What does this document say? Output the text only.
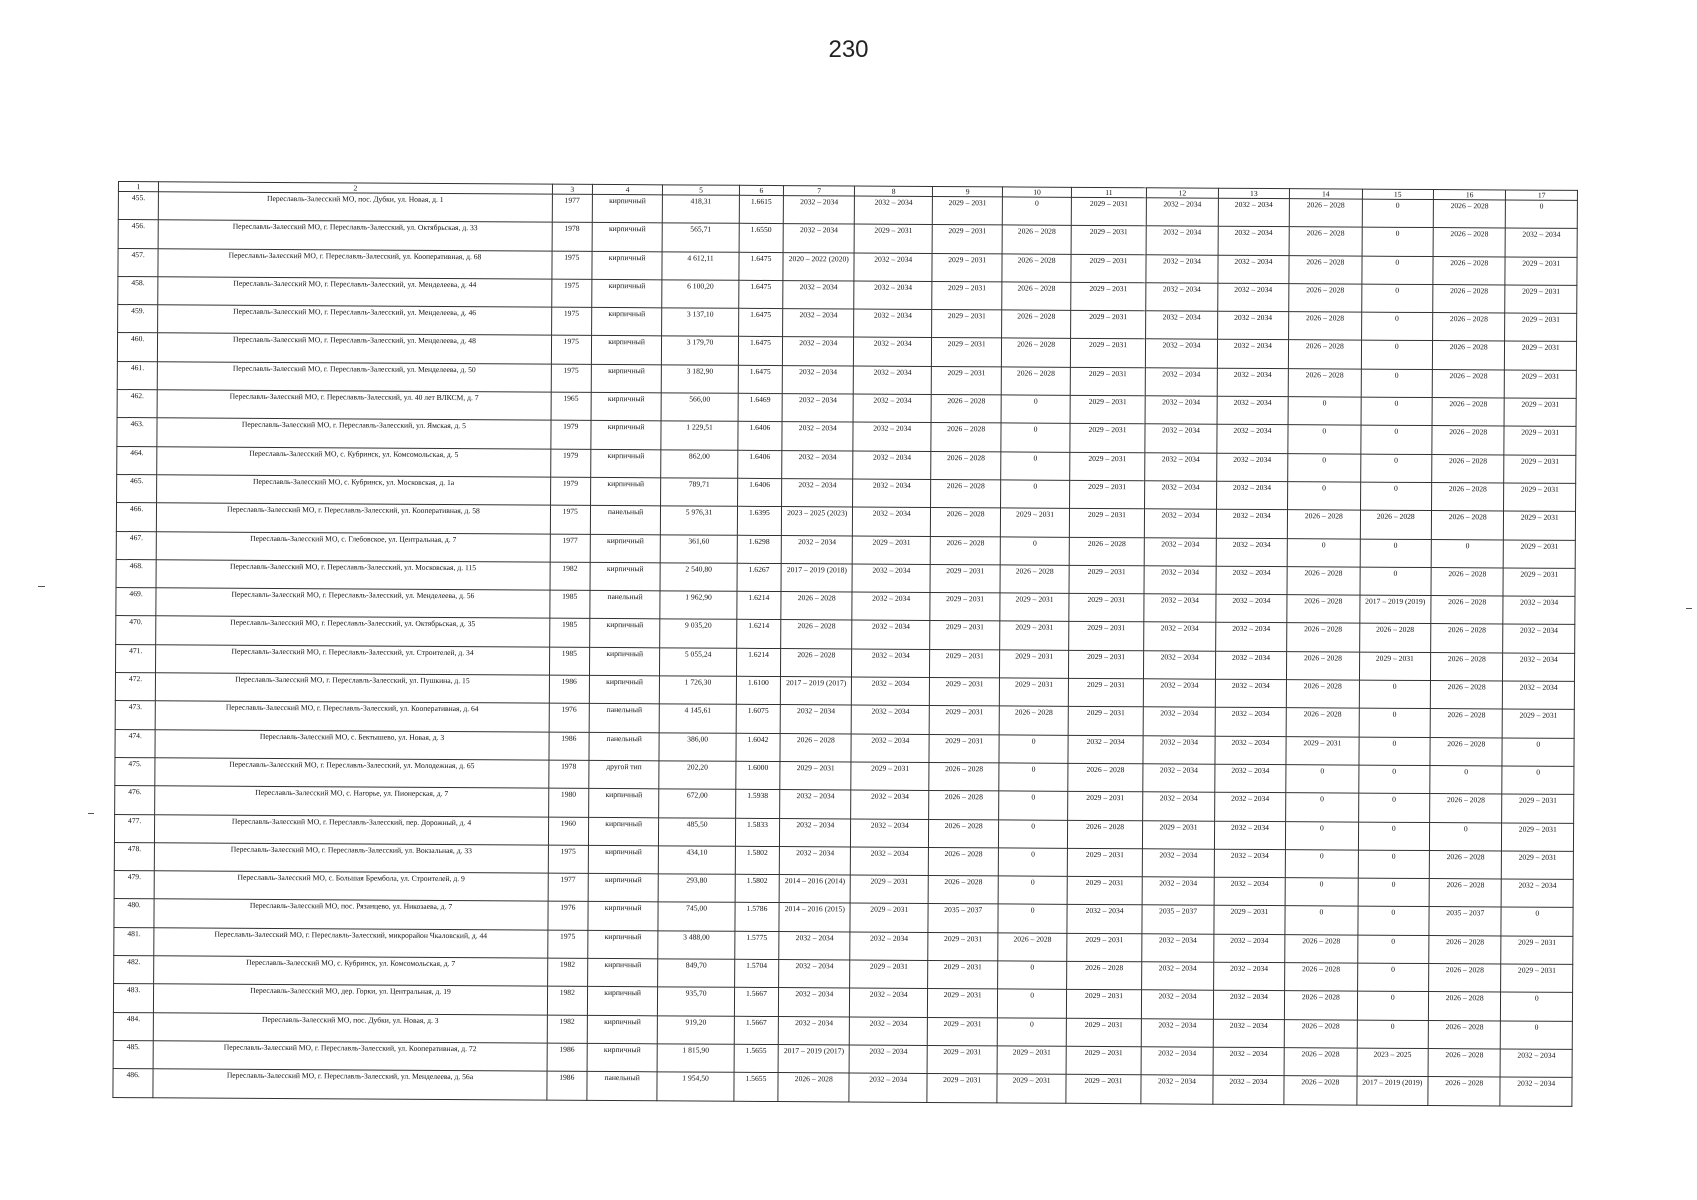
230
1	2	3	4	5	6	7	8	9	10	11	12	13	14	15	16	17
455.	Переславль-Залесский МО, пос. Дубки, ул. Новая, д. 1	1977	кирпичный	418,31	1.6615	2032 – 2034	2032 – 2034	2029 – 2031	0	2029 – 2031	2032 – 2034	2032 – 2034	2026 – 2028	0	2026 – 2028	0
456.	Переславль-Залесский МО, г. Переславль-Залесский, ул. Октябрьская, д. 33	1978	кирпичный	565,71	1.6550	2032 – 2034	2029 – 2031	2029 – 2031	2026 – 2028	2029 – 2031	2032 – 2034	2032 – 2034	2026 – 2028	0	2026 – 2028	2032 – 2034
457.	Переславль-Залесский МО, г. Переславль-Залесский, ул. Кооперативная, д. 68	1975	кирпичный	4 612,11	1.6475	2020 – 2022 (2020)	2032 – 2034	2029 – 2031	2026 – 2028	2029 – 2031	2032 – 2034	2032 – 2034	2026 – 2028	0	2026 – 2028	2029 – 2031
458.	Переславль-Залесский МО, г. Переславль-Залесский, ул. Менделеева, д. 44	1975	кирпичный	6 100,20	1.6475	2032 – 2034	2032 – 2034	2029 – 2031	2026 – 2028	2029 – 2031	2032 – 2034	2032 – 2034	2026 – 2028	0	2026 – 2028	2029 – 2031
459.	Переславль-Залесский МО, г. Переславль-Залесский, ул. Менделеева, д. 46	1975	кирпичный	3 137,10	1.6475	2032 – 2034	2032 – 2034	2029 – 2031	2026 – 2028	2029 – 2031	2032 – 2034	2032 – 2034	2026 – 2028	0	2026 – 2028	2029 – 2031
460.	Переславль-Залесский МО, г. Переславль-Залесский, ул. Менделеева, д. 48	1975	кирпичный	3 179,70	1.6475	2032 – 2034	2032 – 2034	2029 – 2031	2026 – 2028	2029 – 2031	2032 – 2034	2032 – 2034	2026 – 2028	0	2026 – 2028	2029 – 2031
461.	Переславль-Залесский МО, г. Переславль-Залесский, ул. Менделеева, д. 50	1975	кирпичный	3 182,90	1.6475	2032 – 2034	2032 – 2034	2029 – 2031	2026 – 2028	2029 – 2031	2032 – 2034	2032 – 2034	2026 – 2028	0	2026 – 2028	2029 – 2031
462.	Переславль-Залесский МО, г. Переславль-Залесский, ул. 40 лет ВЛКСМ, д. 7	1965	кирпичный	566,00	1.6469	2032 – 2034	2032 – 2034	2026 – 2028	0	2029 – 2031	2032 – 2034	2032 – 2034	0	0	2026 – 2028	2029 – 2031
463.	Переславль-Залесский МО, г. Переславль-Залесский, ул. Ямская, д. 5	1979	кирпичный	1 229,51	1.6406	2032 – 2034	2032 – 2034	2026 – 2028	0	2029 – 2031	2032 – 2034	2032 – 2034	0	0	2026 – 2028	2029 – 2031
464.	Переславль-Залесский МО, с. Кубринск, ул. Комсомольская, д. 5	1979	кирпичный	862,00	1.6406	2032 – 2034	2032 – 2034	2026 – 2028	0	2029 – 2031	2032 – 2034	2032 – 2034	0	0	2026 – 2028	2029 – 2031
465.	Переславль-Залесский МО, с. Кубринск, ул. Московская, д. 1а	1979	кирпичный	789,71	1.6406	2032 – 2034	2032 – 2034	2026 – 2028	0	2029 – 2031	2032 – 2034	2032 – 2034	0	0	2026 – 2028	2029 – 2031
466.	Переславль-Залесский МО, г. Переславль-Залесский, ул. Кооперативная, д. 58	1975	панельный	5 976,31	1.6395	2023 – 2025 (2023)	2032 – 2034	2026 – 2028	2029 – 2031	2029 – 2031	2032 – 2034	2032 – 2034	2026 – 2028	2026 – 2028	2026 – 2028	2029 – 2031
467.	Переславль-Залесский МО, с. Глебовское, ул. Центральная, д. 7	1977	кирпичный	361,60	1.6298	2032 – 2034	2029 – 2031	2026 – 2028	0	2026 – 2028	2032 – 2034	2032 – 2034	0	0	0	2029 – 2031
468.	Переславль-Залесский МО, г. Переславль-Залесский, ул. Московская, д. 115	1982	кирпичный	2 540,80	1.6267	2017 – 2019 (2018)	2032 – 2034	2029 – 2031	2026 – 2028	2029 – 2031	2032 – 2034	2032 – 2034	2026 – 2028	0	2026 – 2028	2029 – 2031
469.	Переславль-Залесский МО, г. Переславль-Залесский, ул. Менделеева, д. 56	1985	панельный	1 962,90	1.6214	2026 – 2028	2032 – 2034	2029 – 2031	2029 – 2031	2029 – 2031	2032 – 2034	2032 – 2034	2026 – 2028	2017 – 2019 (2019)	2026 – 2028	2032 – 2034
470.	Переславль-Залесский МО, г. Переславль-Залесский, ул. Октябрьская, д. 35	1985	кирпичный	9 035,20	1.6214	2026 – 2028	2032 – 2034	2029 – 2031	2029 – 2031	2029 – 2031	2032 – 2034	2032 – 2034	2026 – 2028	2026 – 2028	2026 – 2028	2032 – 2034
471.	Переславль-Залесский МО, г. Переславль-Залесский, ул. Строителей, д. 34	1985	кирпичный	5 055,24	1.6214	2026 – 2028	2032 – 2034	2029 – 2031	2029 – 2031	2029 – 2031	2032 – 2034	2032 – 2034	2026 – 2028	2029 – 2031	2026 – 2028	2032 – 2034
472.	Переславль-Залесский МО, г. Переславль-Залесский, ул. Пушкина, д. 15	1986	кирпичный	1 726,30	1.6100	2017 – 2019 (2017)	2032 – 2034	2029 – 2031	2029 – 2031	2029 – 2031	2032 – 2034	2032 – 2034	2026 – 2028	0	2026 – 2028	2032 – 2034
473.	Переславль-Залесский МО, г. Переславль-Залесский, ул. Кооперативная, д. 64	1976	панельный	4 145,61	1.6075	2032 – 2034	2032 – 2034	2029 – 2031	2026 – 2028	2029 – 2031	2032 – 2034	2032 – 2034	2026 – 2028	0	2026 – 2028	2029 – 2031
474.	Переславль-Залесский МО, с. Бектышево, ул. Новая, д. 3	1986	панельный	386,00	1.6042	2026 – 2028	2032 – 2034	2029 – 2031	0	2032 – 2034	2032 – 2034	2032 – 2034	2029 – 2031	0	2026 – 2028	0
475.	Переславль-Залесский МО, г. Переславль-Залесский, ул. Молодежная, д. 65	1978	другой тип	202,20	1.6000	2029 – 2031	2029 – 2031	2026 – 2028	0	2026 – 2028	2032 – 2034	2032 – 2034	0	0	0	0
476.	Переславль-Залесский МО, с. Нагорье, ул. Пионерская, д. 7	1980	кирпичный	672,00	1.5938	2032 – 2034	2032 – 2034	2026 – 2028	0	2029 – 2031	2032 – 2034	2032 – 2034	0	0	2026 – 2028	2029 – 2031
477.	Переславль-Залесский МО, г. Переславль-Залесский, пер. Дорожный, д. 4	1960	кирпичный	485,50	1.5833	2032 – 2034	2032 – 2034	2026 – 2028	0	2026 – 2028	2029 – 2031	2032 – 2034	0	0	0	2029 – 2031
478.	Переславль-Залесский МО, г. Переславль-Залесский, ул. Вокзальная, д. 33	1975	кирпичный	434,10	1.5802	2032 – 2034	2032 – 2034	2026 – 2028	0	2029 – 2031	2032 – 2034	2032 – 2034	0	0	2026 – 2028	2029 – 2031
479.	Переславль-Залесский МО, с. Большая Брембола, ул. Строителей, д. 9	1977	кирпичный	293,80	1.5802	2014 – 2016 (2014)	2029 – 2031	2026 – 2028	0	2029 – 2031	2032 – 2034	2032 – 2034	0	0	2026 – 2028	2032 – 2034
480.	Переславль-Залесский МО, пос. Рязанцево, ул. Никозаева, д. 7	1976	кирпичный	745,00	1.5786	2014 – 2016 (2015)	2029 – 2031	2035 – 2037	0	2032 – 2034	2035 – 2037	2029 – 2031	0	0	2035 – 2037	0
481.	Переславль-Залесский МО, г. Переславль-Залесский, микрорайон Чкаловский, д. 44	1975	кирпичный	3 488,00	1.5775	2032 – 2034	2032 – 2034	2029 – 2031	2026 – 2028	2029 – 2031	2032 – 2034	2032 – 2034	2026 – 2028	0	2026 – 2028	2029 – 2031
482.	Переславль-Залесский МО, с. Кубринск, ул. Комсомольская, д. 7	1982	кирпичный	849,70	1.5704	2032 – 2034	2029 – 2031	2029 – 2031	0	2026 – 2028	2032 – 2034	2032 – 2034	2026 – 2028	0	2026 – 2028	2029 – 2031
483.	Переславль-Залесский МО, дер. Горки, ул. Центральная, д. 19	1982	кирпичный	935,70	1.5667	2032 – 2034	2032 – 2034	2029 – 2031	0	2029 – 2031	2032 – 2034	2032 – 2034	2026 – 2028	0	2026 – 2028	0
484.	Переславль-Залесский МО, пос. Дубки, ул. Новая, д. 3	1982	кирпичный	919,20	1.5667	2032 – 2034	2032 – 2034	2029 – 2031	0	2029 – 2031	2032 – 2034	2032 – 2034	2026 – 2028	0	2026 – 2028	0
485.	Переславль-Залесский МО, г. Переславль-Залесский, ул. Кооперативная, д. 72	1986	кирпичный	1 815,90	1.5655	2017 – 2019 (2017)	2032 – 2034	2029 – 2031	2029 – 2031	2029 – 2031	2032 – 2034	2032 – 2034	2026 – 2028	2023 – 2025	2026 – 2028	2032 – 2034
486.	Переславль-Залесский МО, г. Переславль-Залесский, ул. Менделеева, д. 56а	1986	панельный	1 954,50	1.5655	2026 – 2028	2032 – 2034	2029 – 2031	2029 – 2031	2029 – 2031	2032 – 2034	2032 – 2034	2026 – 2028	2017 – 2019 (2019)	2026 – 2028	2032 – 2034
